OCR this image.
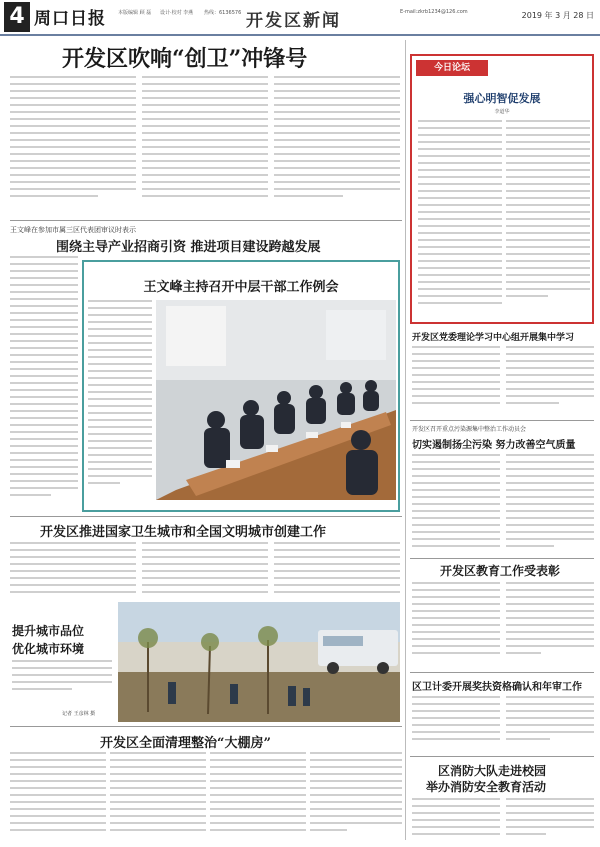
4 周口日报 本版编辑 顾 磊 设计·校对 李燕 热线：6136576 开发区新闻	E-mail:zkrb1234@126.com	2019 年 3 月 28 日
开发区吹响“创卫”冲锋号
王文峰在参加市属三区代表团审议时表示
围绕主导产业招商引资 推进项目建设跨越发展
王文峰主持召开中层干部工作例会
开发区推进国家卫生城市和全国文明城市创建工作
提升城市品位
优化城市环境
记者 王彦林 摄
开发区全面清理整治“大棚房”
今日论坛
强心明智促发展
李道华
开发区党委理论学习中心组开展集中学习
开发区召开重点污染源集中整治工作动员会
切实遏制扬尘污染 努力改善空气质量
开发区教育工作受表彰
区卫计委开展奖扶资格确认和年审工作
区消防大队走进校园
举办消防安全教育活动
